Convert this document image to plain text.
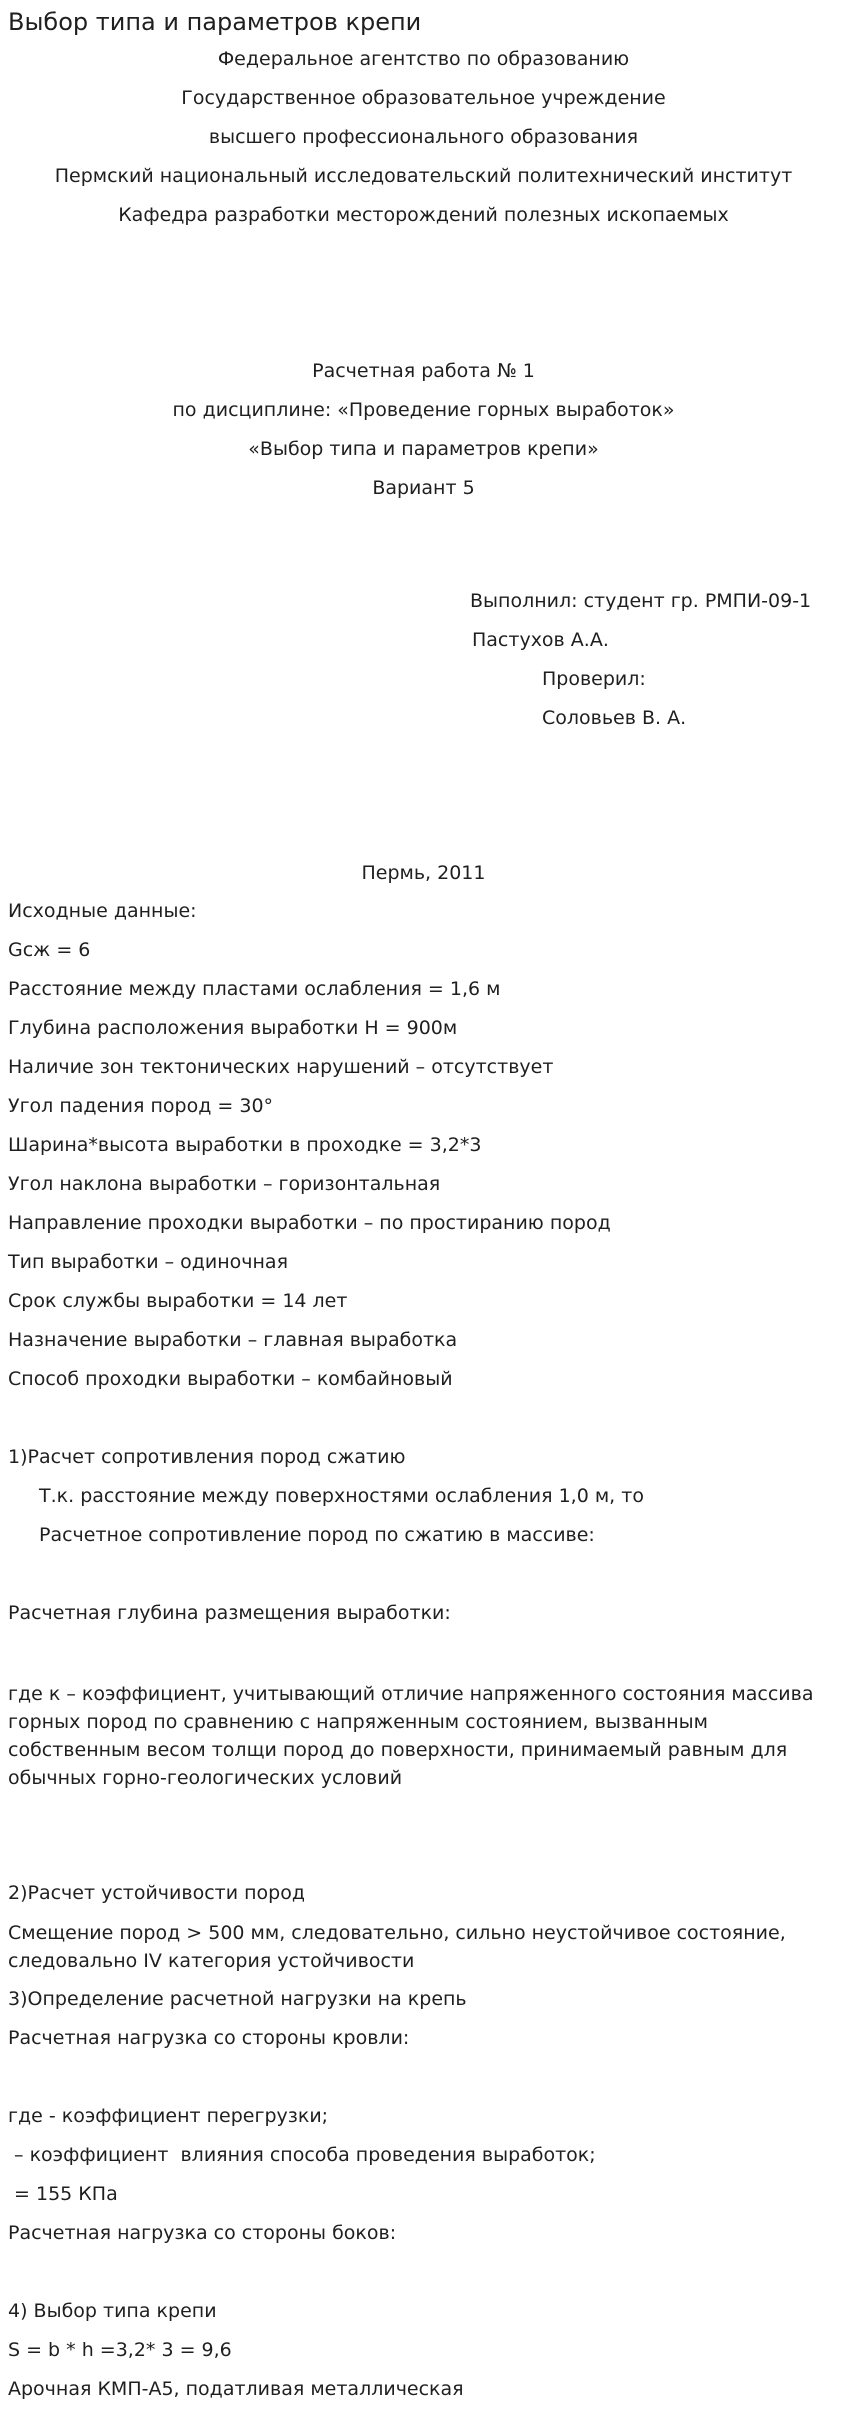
Выбор типа и параметров крепи
Федеральное агентство по образованию
Государственное образовательное учреждение
высшего профессионального образования
Пермский национальный исследовательский политехнический институт
Кафедра разработки месторождений полезных ископаемых
Расчетная работа № 1
по дисциплине: «Проведение горных выработок»
«Выбор типа и параметров крепи»
Вариант 5
Выполнил: студент гр. РМПИ-09-1
Пастухов А.А.
Проверил:
Соловьев В. А.
Пермь, 2011
Исходные данные:
Gсж = 6
Расстояние между пластами ослабления = 1,6 м
Глубина расположения выработки H = 900м
Наличие зон тектонических нарушений – отсутствует
Угол падения пород = 30°
Шарина*высота выработки в проходке = 3,2*3
Угол наклона выработки – горизонтальная
Направление проходки выработки – по простиранию пород
Тип выработки – одиночная
Срок службы выработки = 14 лет
Назначение выработки – главная выработка
Способ проходки выработки – комбайновый
1)Расчет сопротивления пород сжатию
Т.к. расстояние между поверхностями ослабления 1,0 м, то
Расчетное сопротивление пород по сжатию в массиве:
Расчетная глубина размещения выработки:
где к – коэффициент, учитывающий отличие напряженного состояния массива горных пород по сравнению с напряженным состоянием, вызванным собственным весом толщи пород до поверхности, принимаемый равным для обычных горно-геологических условий
2)Расчет устойчивости пород
Смещение пород > 500 мм, следовательно, сильно неустойчивое состояние, следовально IV категория устойчивости
3)Определение расчетной нагрузки на крепь
Расчетная нагрузка со стороны кровли:
где - коэффициент перегрузки;
– коэффициент  влияния способа проведения выработок;
= 155 КПа
Расчетная нагрузка со стороны боков:
4) Выбор типа крепи
S = b * h =3,2* 3 = 9,6
Арочная КМП-А5, податливая металлическая
